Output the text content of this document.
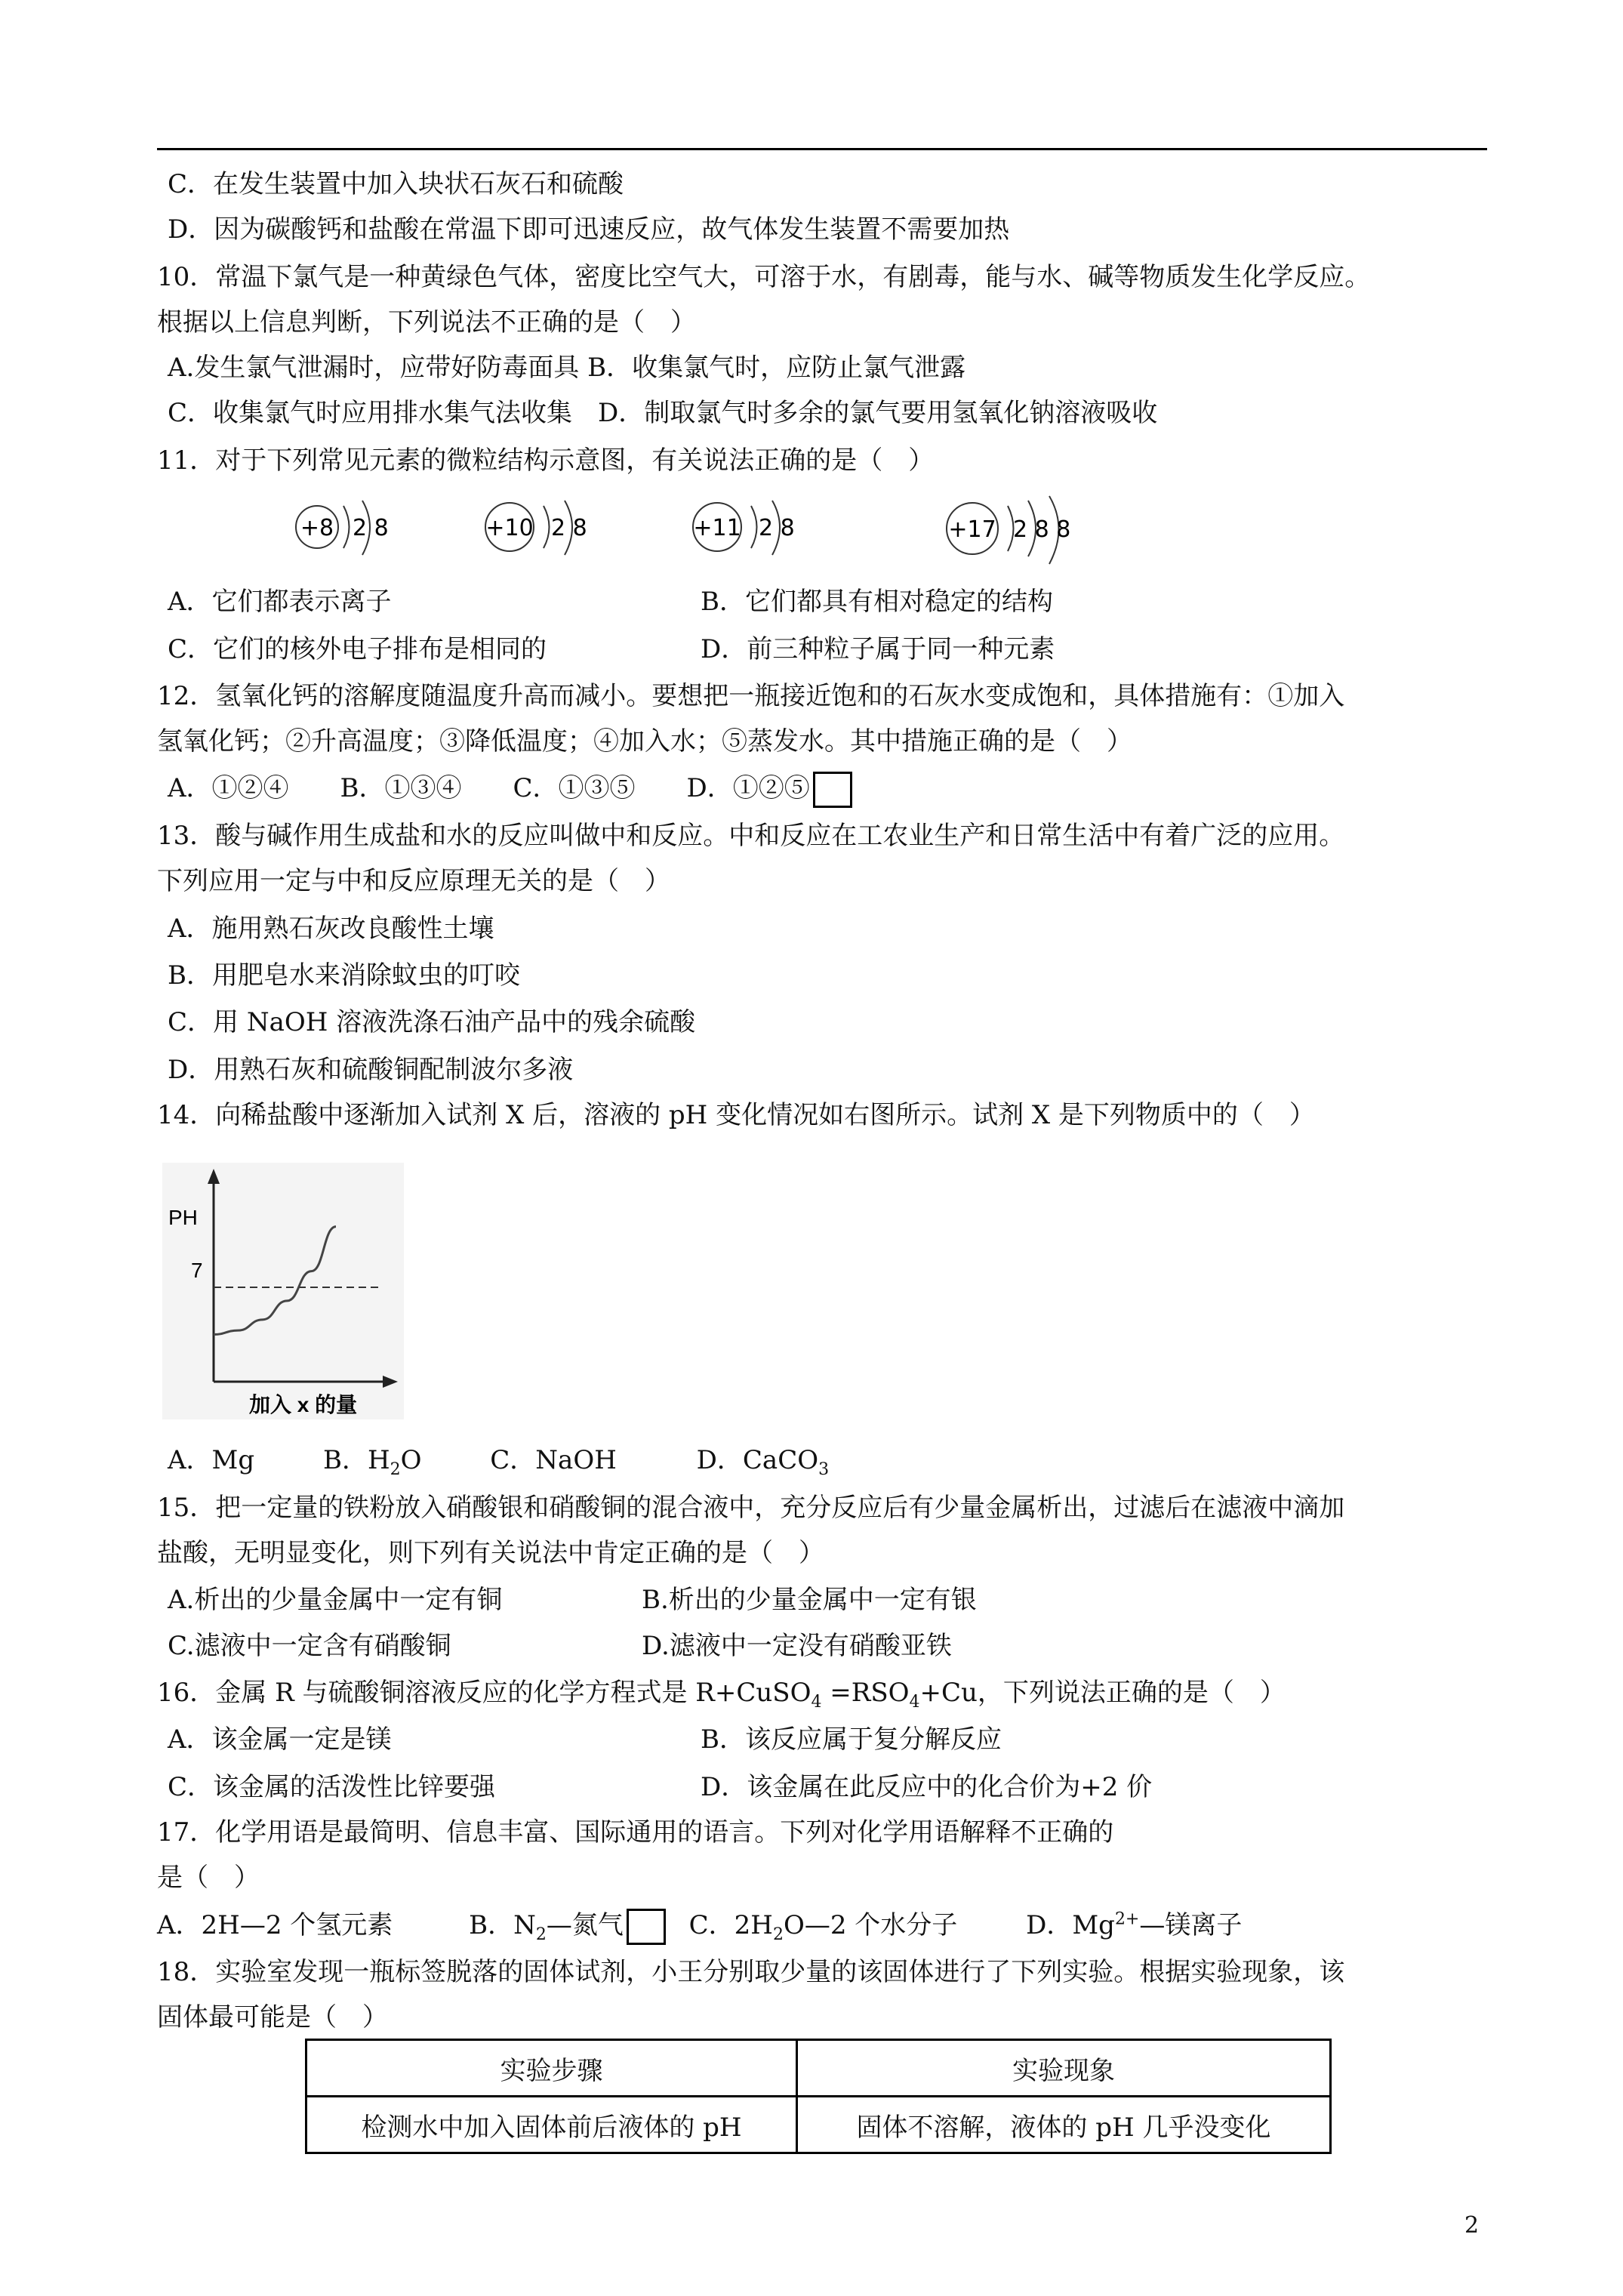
C．在发生装置中加入块状石灰石和硫酸
D．因为碳酸钙和盐酸在常温下即可迅速反应，故气体发生装置不需要加热
10．常温下氯气是一种黄绿色气体，密度比空气大，可溶于水，有剧毒，能与水、碱等物质发生化学反应。
根据以上信息判断，下列说法不正确的是（　）
A.发生氯气泄漏时，应带好防毒面具 B．收集氯气时，应防止氯气泄露
C．收集氯气时应用排水集气法收集　D．制取氯气时多余的氯气要用氢氧化钠溶液吸收
11．对于下列常见元素的微粒结构示意图，有关说法正确的是（　）
+8 2 8	+10 2 8	+11 2 8	+17 2 8 8
A．它们都表示离子	B．它们都具有相对稳定的结构
C．它们的核外电子排布是相同的	D．前三种粒子属于同一种元素
12．氢氧化钙的溶解度随温度升高而减小。要想把一瓶接近饱和的石灰水变成饱和，具体措施有：①加入
氢氧化钙；②升高温度；③降低温度；④加入水；⑤蒸发水。其中措施正确的是（　）
A．①②④　　B．①③④　　C．①③⑤　　D．①②⑤
13．酸与碱作用生成盐和水的反应叫做中和反应。中和反应在工农业生产和日常生活中有着广泛的应用。
下列应用一定与中和反应原理无关的是（　）
A．施用熟石灰改良酸性土壤
B．用肥皂水来消除蚊虫的叮咬
C．用 NaOH 溶液洗涤石油产品中的残余硫酸
D．用熟石灰和硫酸铜配制波尔多液
14．向稀盐酸中逐渐加入试剂 X 后，溶液的 pH 变化情况如右图所示。试剂 X 是下列物质中的（　）
PH
7
加入 x 的量
A．Mg	B．$H_2O$	C．NaOH	D．CaCO$_3$
15．把一定量的铁粉放入硝酸银和硝酸铜的混合液中，充分反应后有少量金属析出，过滤后在滤液中滴加
盐酸，无明显变化，则下列有关说法中肯定正确的是（　）
A.析出的少量金属中一定有铜	B.析出的少量金属中一定有银
C.滤液中一定含有硝酸铜	D.滤液中一定没有硝酸亚铁
16．金属 R 与硫酸铜溶液反应的化学方程式是 R+CuSO$_4$ $=RSO_4+Cu$，下列说法正确的是（　）
A．该金属一定是镁	B．该反应属于复分解反应
C．该金属的活泼性比锌要强	D．该金属在此反应中的化合价为+2 价
17．化学用语是最简明、信息丰富、国际通用的语言。下列对化学用语解释不正确的
是（　）
A．2H—2 个氢元素	B．$N_2—$氮气	C．$2H_2O—2$ 个水分子	D．$Mg^{2+}—$镁离子
18．实验室发现一瓶标签脱落的固体试剂，小王分别取少量的该固体进行了下列实验。根据实验现象，该
固体最可能是（　）
实验步骤	实验现象
检测水中加入固体前后液体的 pH	固体不溶解，液体的 pH 几乎没变化
2
